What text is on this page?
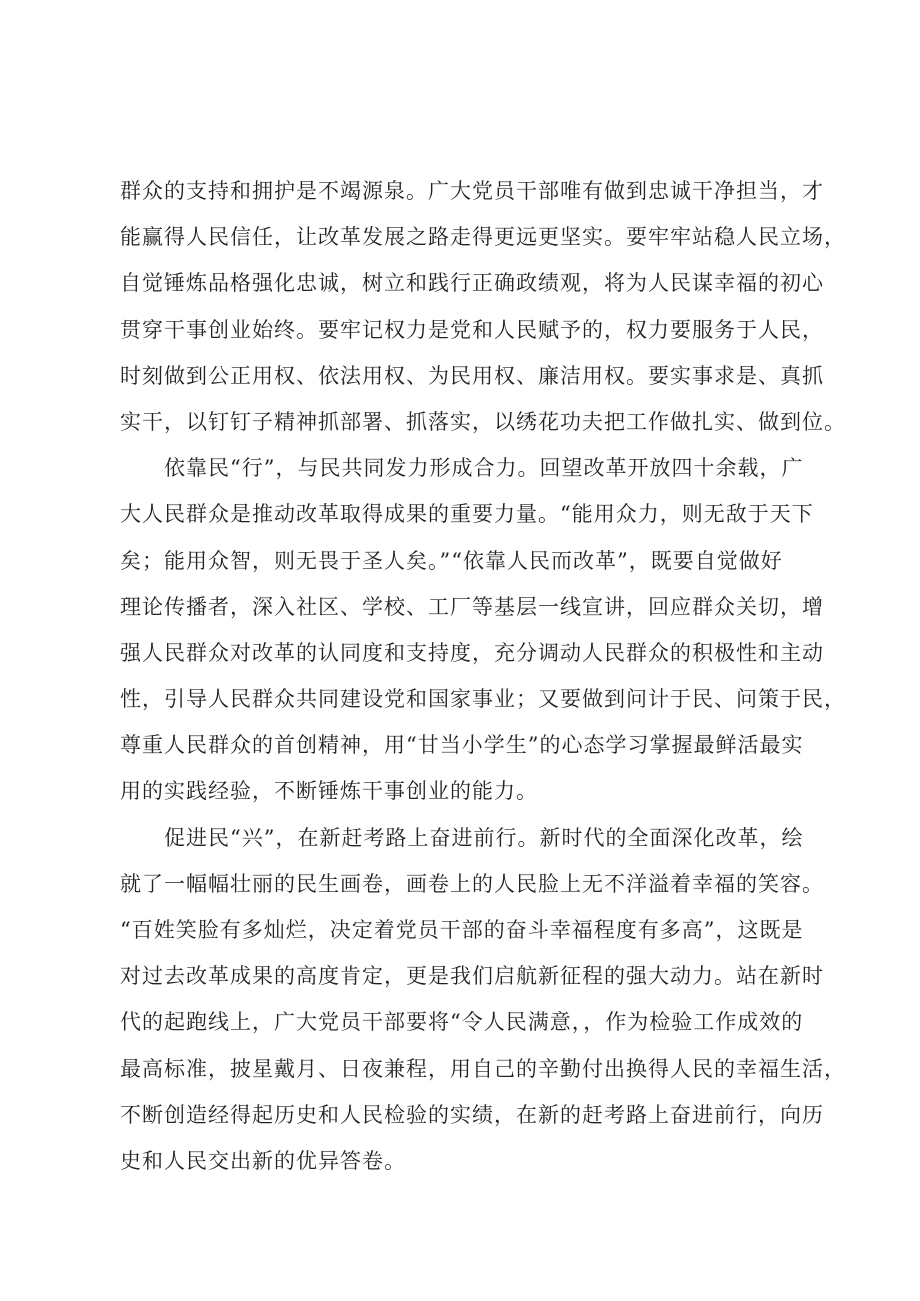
群众的支持和拥护是不竭源泉。广大党员干部唯有做到忠诚干净担当，才
能赢得人民信任，让改革发展之路走得更远更坚实。要牢牢站稳人民立场，
自觉锤炼品格强化忠诚，树立和践行正确政绩观，将为人民谋幸福的初心
贯穿干事创业始终。要牢记权力是党和人民赋予的，权力要服务于人民，
时刻做到公正用权、依法用权、为民用权、廉洁用权。要实事求是、真抓
实干，以钉钉子精神抓部署、抓落实，以绣花功夫把工作做扎实、做到位。
依靠民“行”，与民共同发力形成合力。回望改革开放四十余载，广
大人民群众是推动改革取得成果的重要力量。“能用众力，则无敌于天下
矣；能用众智，则无畏于圣人矣。”“依靠人民而改革”，既要自觉做好
理论传播者，深入社区、学校、工厂等基层一线宣讲，回应群众关切，增
强人民群众对改革的认同度和支持度，充分调动人民群众的积极性和主动
性，引导人民群众共同建设党和国家事业；又要做到问计于民、问策于民，
尊重人民群众的首创精神，用“甘当小学生”的心态学习掌握最鲜活最实
用的实践经验，不断锤炼干事创业的能力。
促进民“兴”，在新赶考路上奋进前行。新时代的全面深化改革，绘
就了一幅幅壮丽的民生画卷，画卷上的人民脸上无不洋溢着幸福的笑容。
“百姓笑脸有多灿烂，决定着党员干部的奋斗幸福程度有多高”，这既是
对过去改革成果的高度肯定，更是我们启航新征程的强大动力。站在新时
代的起跑线上，广大党员干部要将“令人民满意，，作为检验工作成效的
最高标准，披星戴月、日夜兼程，用自己的辛勤付出换得人民的幸福生活，
不断创造经得起历史和人民检验的实绩，在新的赶考路上奋进前行，向历
史和人民交出新的优异答卷。
